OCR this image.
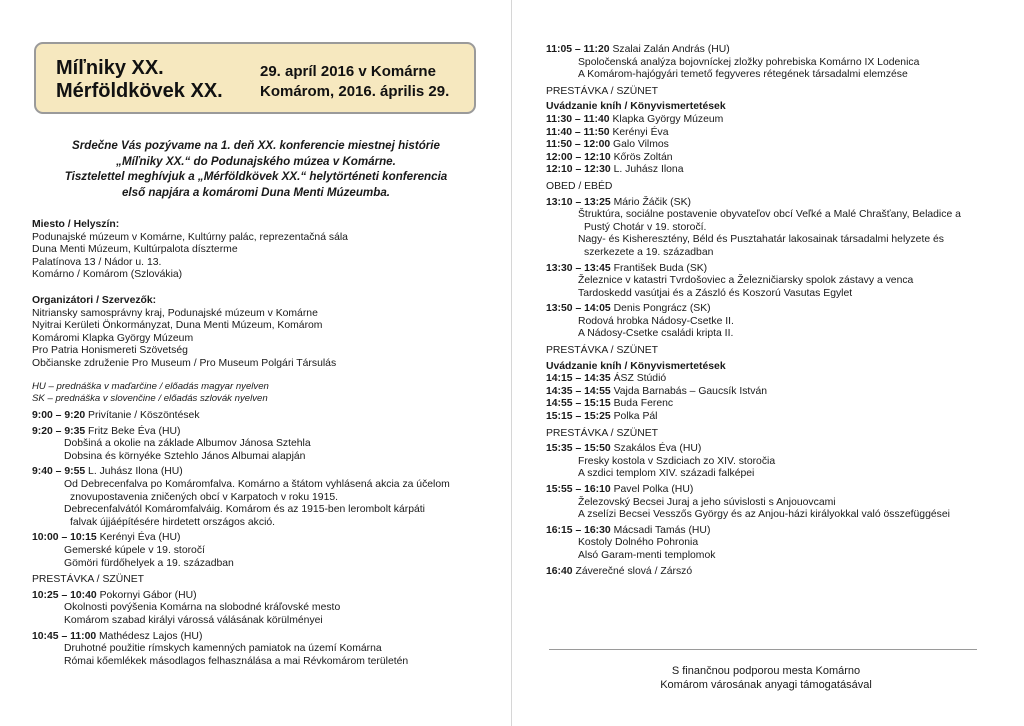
Míľniky XX.
Mérföldkövek XX.
29. apríl 2016 v Komárne
Komárom, 2016. április 29.
Srdečne Vás pozývame na 1. deň XX. konferencie miestnej histórie
„Míľniky XX.“ do Podunajského múzea v Komárne.
Tisztelettel meghívjuk a „Mérföldkövek XX.“ helytörténeti konferencia
első napjára a komáromi Duna Menti Múzeumba.
Miesto / Helyszín:
Podunajské múzeum v Komárne, Kultúrny palác, reprezentačná sála
Duna Menti Múzeum, Kultúrpalota díszterme
Palatínova 13 / Nádor u. 13.
Komárno / Komárom (Szlovákia)
Organizátori / Szervezők:
Nitriansky samosprávny kraj, Podunajské múzeum v Komárne
Nyitrai Kerületi Önkormányzat, Duna Menti Múzeum, Komárom
Komáromi Klapka György Múzeum
Pro Patria Honismereti Szövetség
Občianske združenie Pro Museum / Pro Museum Polgári Társulás
HU – prednáška v maďarčine / előadás magyar nyelven
SK – prednáška v slovenčine / előadás szlovák nyelven
9:00 – 9:20 Privítanie / Köszöntések
9:20 – 9:35 Fritz Beke Éva (HU)
Dobšiná a okolie na základe Albumov Jánosa Sztehla
Dobsina és környéke Sztehlo János Albumai alapján
9:40 – 9:55 L. Juhász Ilona (HU)
Od Debrecenfalva po Komáromfalva. Komárno a štátom vyhlásená akcia za účelom
znovupostavenia zničených obcí v Karpatoch v roku 1915.
Debrecenfalvától Komáromfalváig. Komárom és az 1915-ben lerombolt kárpáti
falvak újjáépítésére hirdetett országos akció.
10:00 – 10:15 Kerényi Éva (HU)
Gemerské kúpele v 19. storočí
Gömöri fürdőhelyek a 19. században
PRESTÁVKA / SZÜNET
10:25 – 10:40 Pokornyi Gábor (HU)
Okolnosti povýšenia Komárna na slobodné kráľovské mesto
Komárom szabad királyi várossá válásának körülményei
10:45 – 11:00 Mathédesz Lajos (HU)
Druhotné použitie rímskych kamenných pamiatok na území Komárna
Római kőemlékek másodlagos felhasználása a mai Révkomárom területén
11:05 – 11:20 Szalai Zalán András (HU)
Spoločenská analýza bojovníckej zložky pohrebiska Komárno IX Lodenica
A Komárom-hajógyári temető fegyveres rétegének társadalmi elemzése
PRESTÁVKA / SZÜNET
Uvádzanie kníh / Könyvismertetések
11:30 – 11:40 Klapka György Múzeum
11:40 – 11:50 Kerényi Éva
11:50 – 12:00 Galo Vilmos
12:00 – 12:10 Kőrös Zoltán
12:10 – 12:30 L. Juhász Ilona
OBED / EBÉD
13:10 – 13:25 Mário Žáčik (SK)
Štruktúra, sociálne postavenie obyvateľov obcí Veľké a Malé Chrašťany, Beladice a
Pustý Chotár v 19. storočí.
Nagy- és Kisheresztény, Béld és Pusztahatár lakosainak társadalmi helyzete és
szerkezete a 19. században
13:30 – 13:45 František Buda (SK)
Železnice v katastri Tvrdošoviec a Železničiarsky spolok zástavy a venca
Tardoskedd vasútjai és a Zászló és Koszorú Vasutas Egylet
13:50 – 14:05 Denis Pongrácz (SK)
Rodová hrobka Nádosy-Csetke II.
A Nádosy-Csetke családi kripta II.
PRESTÁVKA / SZÜNET
Uvádzanie kníh / Könyvismertetések
14:15 – 14:35 ÁSZ Stúdió
14:35 – 14:55 Vajda Barnabás – Gaucsík István
14:55 – 15:15 Buda Ferenc
15:15 – 15:25 Polka Pál
PRESTÁVKA / SZÜNET
15:35 – 15:50 Szakálos Éva (HU)
Fresky kostola v Szdiciach zo XIV. storočia
A szdici templom XIV. századi falképei
15:55 – 16:10 Pavel Polka (HU)
Železovský Becsei Juraj a jeho súvislosti s Anjouovcami
A zselízi Becsei Vesszős György és az Anjou-házi királyokkal való összefüggései
16:15 – 16:30 Mácsadi Tamás (HU)
Kostoly Dolného Pohronia
Alsó Garam-menti templomok
16:40 Záverečné slová / Zárszó
S finančnou podporou mesta Komárno
Komárom városának anyagi támogatásával
